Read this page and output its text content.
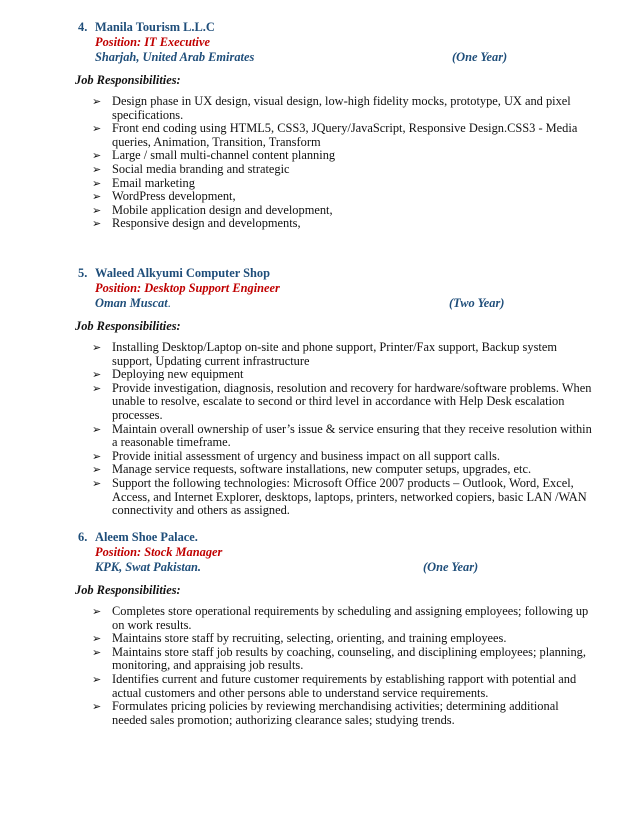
4. Manila Tourism L.L.C
Position: IT Executive
Sharjah, United Arab Emirates	(One Year)
Job Responsibilities:
➢ Design phase in UX design, visual design, low-high fidelity mocks, prototype, UX and pixel specifications.
➢ Front end coding using HTML5, CSS3, JQuery/JavaScript, Responsive Design.CSS3 - Media queries, Animation, Transition, Transform
➢ Large / small multi-channel content planning
➢ Social media branding and strategic
➢ Email marketing
➢ WordPress development,
➢ Mobile application design and development,
➢ Responsive design and developments,
5. Waleed Alkyumi Computer Shop
Position: Desktop Support Engineer
Oman Muscat.	(Two Year)
Job Responsibilities:
➢ Installing Desktop/Laptop on-site and phone support, Printer/Fax support, Backup system support, Updating current infrastructure
➢ Deploying new equipment
➢ Provide investigation, diagnosis, resolution and recovery for hardware/software problems. When unable to resolve, escalate to second or third level in accordance with Help Desk escalation processes.
➢ Maintain overall ownership of user’s issue & service ensuring that they receive resolution within a reasonable timeframe.
➢ Provide initial assessment of urgency and business impact on all support calls.
➢ Manage service requests, software installations, new computer setups, upgrades, etc.
➢ Support the following technologies: Microsoft Office 2007 products – Outlook, Word, Excel, Access, and Internet Explorer, desktops, laptops, printers, networked copiers, basic LAN /WAN connectivity and others as assigned.
6. Aleem Shoe Palace.
Position: Stock Manager
KPK, Swat Pakistan.	(One Year)
Job Responsibilities:
➢ Completes store operational requirements by scheduling and assigning employees; following up on work results.
➢ Maintains store staff by recruiting, selecting, orienting, and training employees.
➢ Maintains store staff job results by coaching, counseling, and disciplining employees; planning, monitoring, and appraising job results.
➢ Identifies current and future customer requirements by establishing rapport with potential and actual customers and other persons able to understand service requirements.
➢ Formulates pricing policies by reviewing merchandising activities; determining additional needed sales promotion; authorizing clearance sales; studying trends.
